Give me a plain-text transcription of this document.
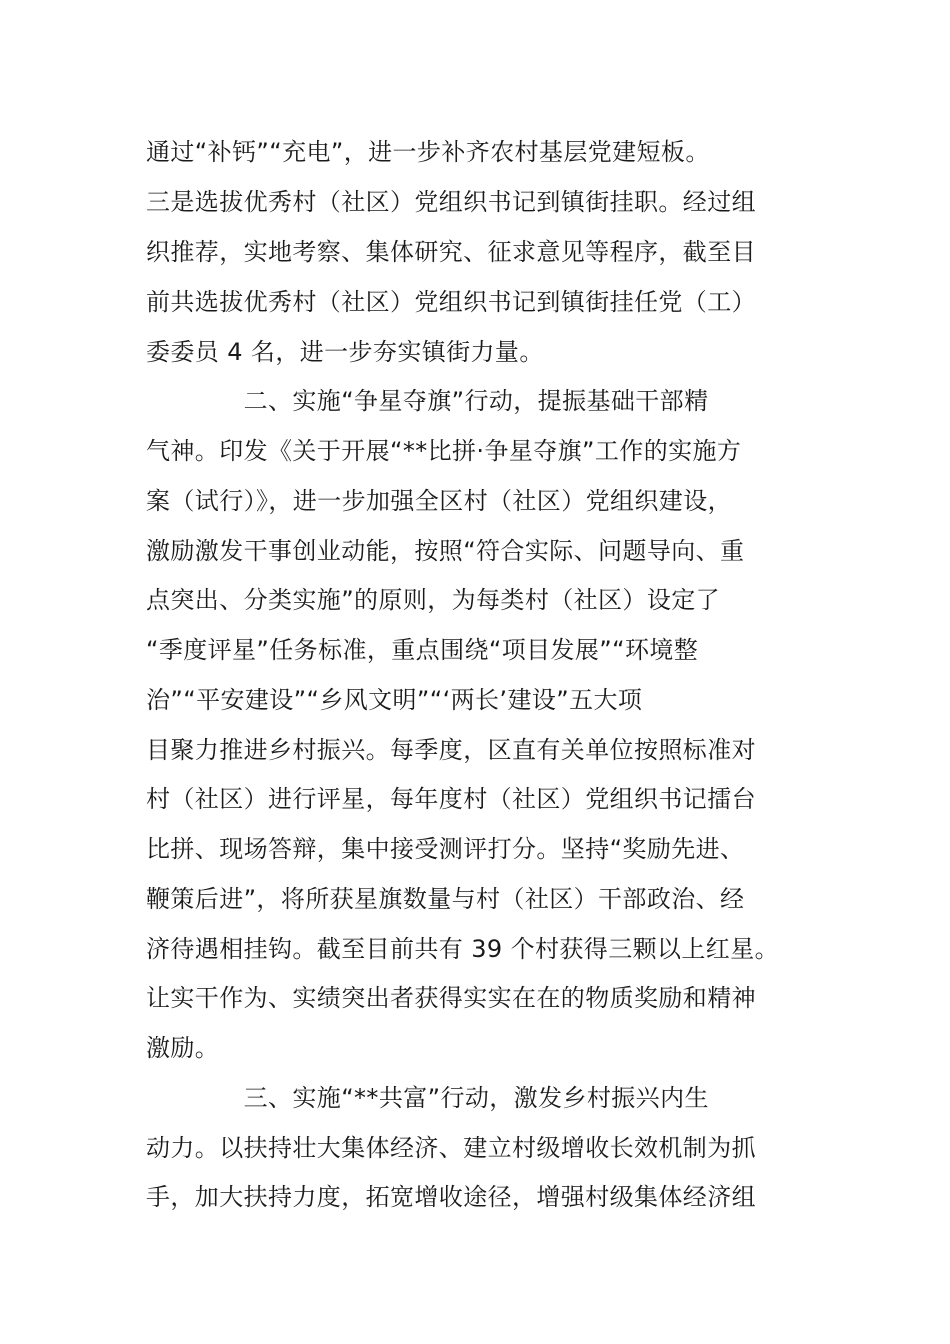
通过“补钙”“充电”，进一步补齐农村基层党建短板。
三是选拔优秀村（社区）党组织书记到镇街挂职。经过组
织推荐，实地考察、集体研究、征求意见等程序，截至目
前共选拔优秀村（社区）党组织书记到镇街挂任党（工）
委委员 4 名，进一步夯实镇街力量。
　　　　二、实施“争星夺旗”行动，提振基础干部精
气神。印发《关于开展“**比拼·争星夺旗”工作的实施方
案（试行）》，进一步加强全区村（社区）党组织建设，
激励激发干事创业动能，按照“符合实际、问题导向、重
点突出、分类实施”的原则，为每类村（社区）设定了
“季度评星”任务标准，重点围绕“项目发展”“环境整
治”“平安建设”“乡风文明”“‘两长’建设”五大项
目聚力推进乡村振兴。每季度，区直有关单位按照标准对
村（社区）进行评星，每年度村（社区）党组织书记擂台
比拼、现场答辩，集中接受测评打分。坚持“奖励先进、
鞭策后进”，将所获星旗数量与村（社区）干部政治、经
济待遇相挂钩。截至目前共有 39 个村获得三颗以上红星。
让实干作为、实绩突出者获得实实在在的物质奖励和精神
激励。
　　　　三、实施“**共富”行动，激发乡村振兴内生
动力。以扶持壮大集体经济、建立村级增收长效机制为抓
手，加大扶持力度，拓宽增收途径，增强村级集体经济组
